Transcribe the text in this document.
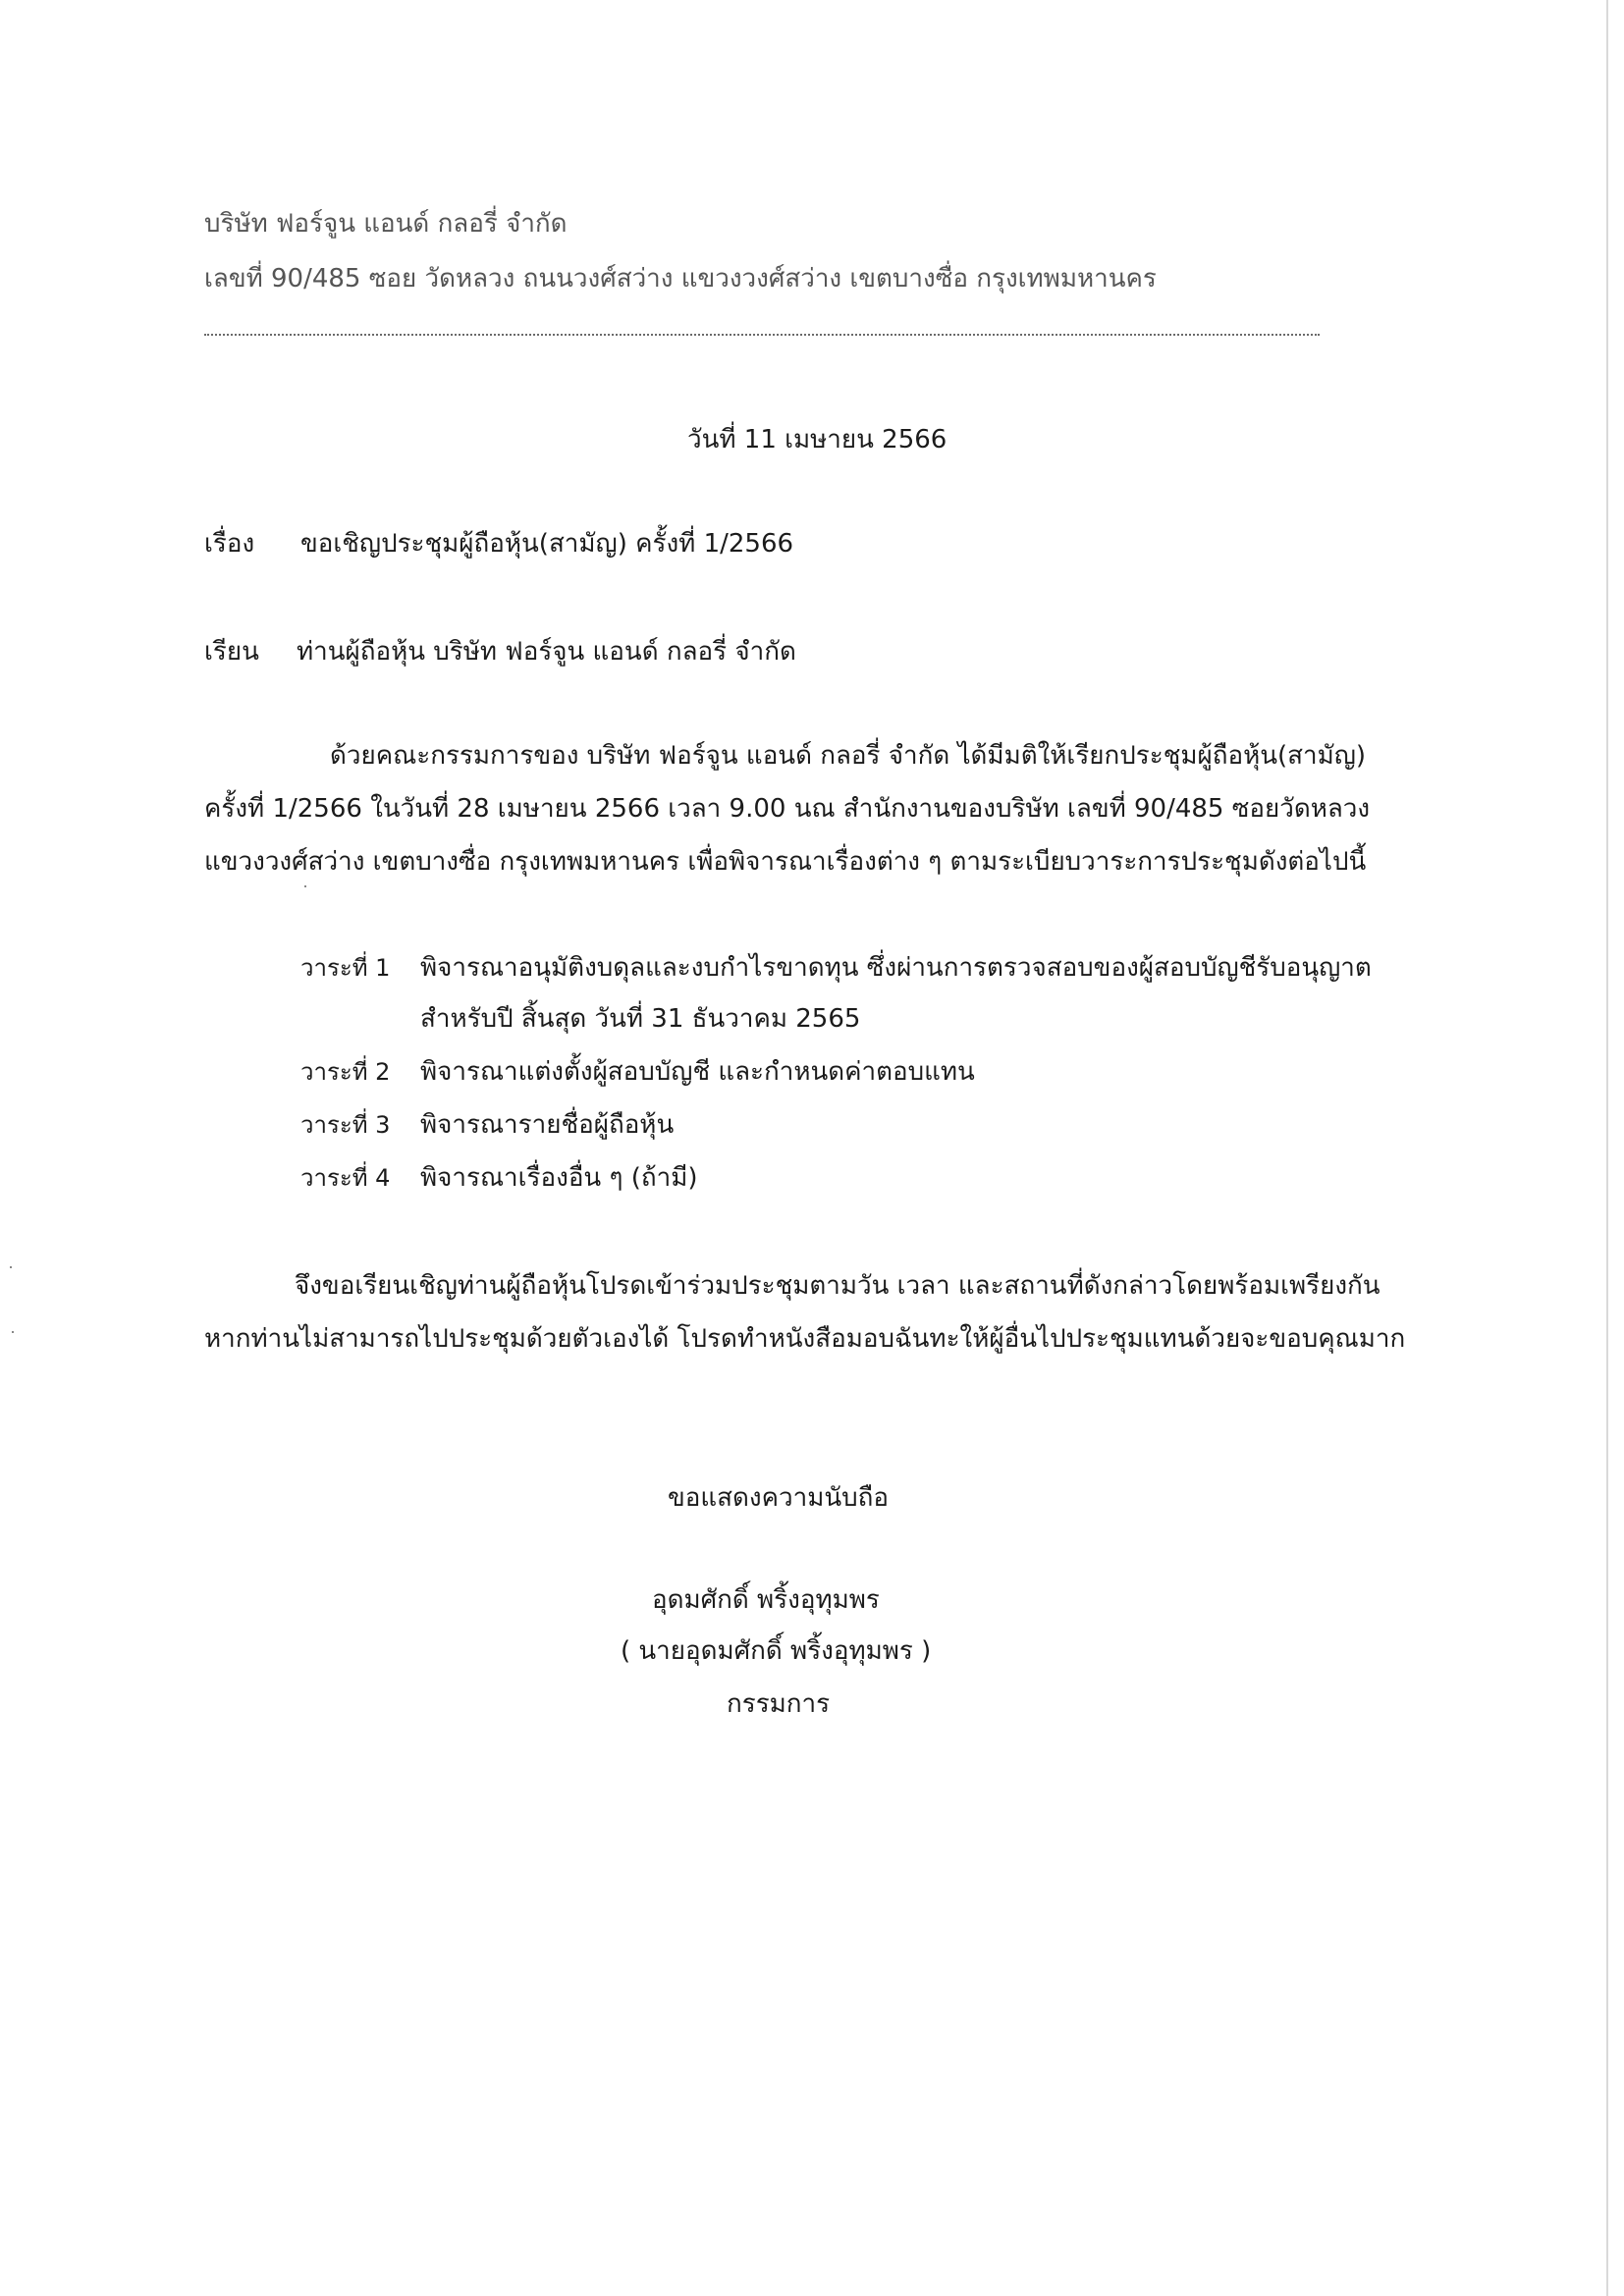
บริษัท ฟอร์จูน แอนด์ กลอรี่ จำกัด
เลขที่ 90/485 ซอย วัดหลวง ถนนวงศ์สว่าง แขวงวงศ์สว่าง เขตบางซื่อ กรุงเทพมหานคร
วันที่ 11 เมษายน 2566
เรื่อง ขอเชิญประชุมผู้ถือหุ้น(สามัญ) ครั้งที่ 1/2566
เรียน ท่านผู้ถือหุ้น บริษัท ฟอร์จูน แอนด์ กลอรี่ จำกัด
ด้วยคณะกรรมการของ บริษัท ฟอร์จูน แอนด์ กลอรี่ จำกัด ได้มีมติให้เรียกประชุมผู้ถือหุ้น(สามัญ)
ครั้งที่ 1/2566 ในวันที่ 28 เมษายน 2566 เวลา 9.00 นณ สำนักงานของบริษัท เลขที่ 90/485 ซอยวัดหลวง
แขวงวงศ์สว่าง เขตบางซื่อ กรุงเทพมหานคร เพื่อพิจารณาเรื่องต่าง ๆ ตามระเบียบวาระการประชุมดังต่อไปนี้
วาระที่ 1 พิจารณาอนุมัติงบดุลและงบกำไรขาดทุน ซึ่งผ่านการตรวจสอบของผู้สอบบัญชีรับอนุญาต
สำหรับปี สิ้นสุด วันที่ 31 ธันวาคม 2565
วาระที่ 2 พิจารณาแต่งตั้งผู้สอบบัญชี และกำหนดค่าตอบแทน
วาระที่ 3 พิจารณารายชื่อผู้ถือหุ้น
วาระที่ 4 พิจารณาเรื่องอื่น ๆ (ถ้ามี)
จึงขอเรียนเชิญท่านผู้ถือหุ้นโปรดเข้าร่วมประชุมตามวัน เวลา และสถานที่ดังกล่าวโดยพร้อมเพรียงกัน
หากท่านไม่สามารถไปประชุมด้วยตัวเองได้ โปรดทำหนังสือมอบฉันทะให้ผู้อื่นไปประชุมแทนด้วยจะขอบคุณมาก
ขอแสดงความนับถือ
อุดมศักดิ์ พริ้งอุทุมพร
( นายอุดมศักดิ์ พริ้งอุทุมพร )
กรรมการ
